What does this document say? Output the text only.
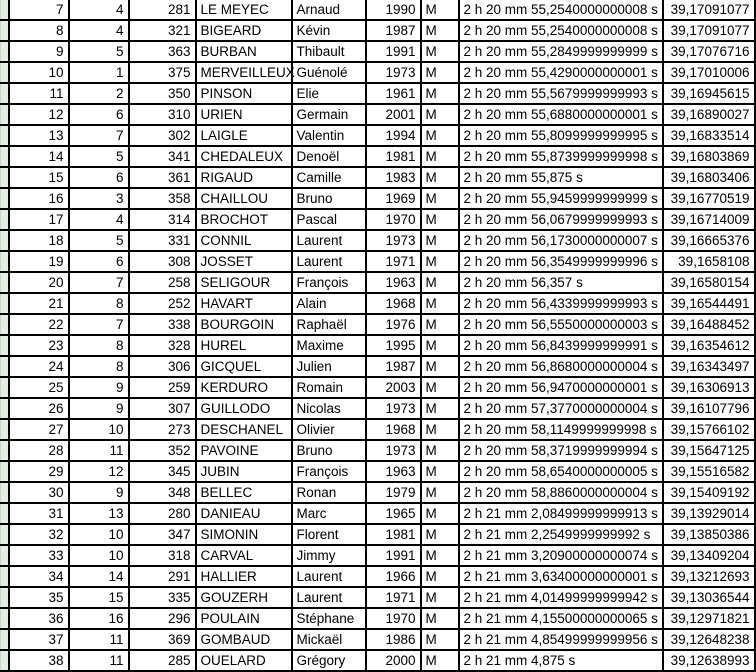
	7	4	281	LE MEYEC	Arnaud	1990	M	2 h 20 mm 55,2540000000008 s	39,17091077
	8	4	321	BIGEARD	Kévin	1987	M	2 h 20 mm 55,2540000000008 s	39,17091077
	9	5	363	BURBAN	Thibault	1991	M	2 h 20 mm 55,2849999999999 s	39,17076716
	10	1	375	MERVEILLEUX	Guénolé	1973	M	2 h 20 mm 55,4290000000001 s	39,17010006
	11	2	350	PINSON	Elie	1961	M	2 h 20 mm 55,5679999999993 s	39,16945615
	12	6	310	URIEN	Germain	2001	M	2 h 20 mm 55,6880000000001 s	39,16890027
	13	7	302	LAIGLE	Valentin	1994	M	2 h 20 mm 55,8099999999995 s	39,16833514
	14	5	341	CHEDALEUX	Denoël	1981	M	2 h 20 mm 55,8739999999998 s	39,16803869
	15	6	361	RIGAUD	Camille	1983	M	2 h 20 mm 55,875 s	39,16803406
	16	3	358	CHAILLOU	Bruno	1969	M	2 h 20 mm 55,9459999999999 s	39,16770519
	17	4	314	BROCHOT	Pascal	1970	M	2 h 20 mm 56,0679999999993 s	39,16714009
	18	5	331	CONNIL	Laurent	1973	M	2 h 20 mm 56,1730000000007 s	39,16665376
	19	6	308	JOSSET	Laurent	1971	M	2 h 20 mm 56,3549999999996 s	39,1658108
	20	7	258	SELIGOUR	François	1963	M	2 h 20 mm 56,357 s	39,16580154
	21	8	252	HAVART	Alain	1968	M	2 h 20 mm 56,4339999999993 s	39,16544491
	22	7	338	BOURGOIN	Raphaël	1976	M	2 h 20 mm 56,5550000000003 s	39,16488452
	23	8	328	HUREL	Maxime	1995	M	2 h 20 mm 56,8439999999991 s	39,16354612
	24	8	306	GICQUEL	Julien	1987	M	2 h 20 mm 56,8680000000004 s	39,16343497
	25	9	259	KERDURO	Romain	2003	M	2 h 20 mm 56,9470000000001 s	39,16306913
	26	9	307	GUILLODO	Nicolas	1973	M	2 h 20 mm 57,3770000000004 s	39,16107796
	27	10	273	DESCHANEL	Olivier	1968	M	2 h 20 mm 58,1149999999998 s	39,15766102
	28	11	352	PAVOINE	Bruno	1973	M	2 h 20 mm 58,3719999999994 s	39,15647125
	29	12	345	JUBIN	François	1963	M	2 h 20 mm 58,6540000000005 s	39,15516582
	30	9	348	BELLEC	Ronan	1979	M	2 h 20 mm 58,8860000000004 s	39,15409192
	31	13	280	DANIEAU	Marc	1965	M	2 h 21 mm 2,08499999999913 s	39,13929014
	32	10	347	SIMONIN	Florent	1981	M	2 h 21 mm 2,2549999999992 s	39,13850386
	33	10	318	CARVAL	Jimmy	1991	M	2 h 21 mm 3,20900000000074 s	39,13409204
	34	14	291	HALLIER	Laurent	1966	M	2 h 21 mm 3,63400000000001 s	39,13212693
	35	15	335	GOUZERH	Laurent	1971	M	2 h 21 mm 4,01499999999942 s	39,13036544
	36	16	296	POULAIN	Stéphane	1970	M	2 h 21 mm 4,15500000000065 s	39,12971821
	37	11	369	GOMBAUD	Mickaël	1986	M	2 h 21 mm 4,85499999999956 s	39,12648238
	38	11	285	OUELARD	Grégory	2000	M	2 h 21 mm 4,875 s	39,12638993
